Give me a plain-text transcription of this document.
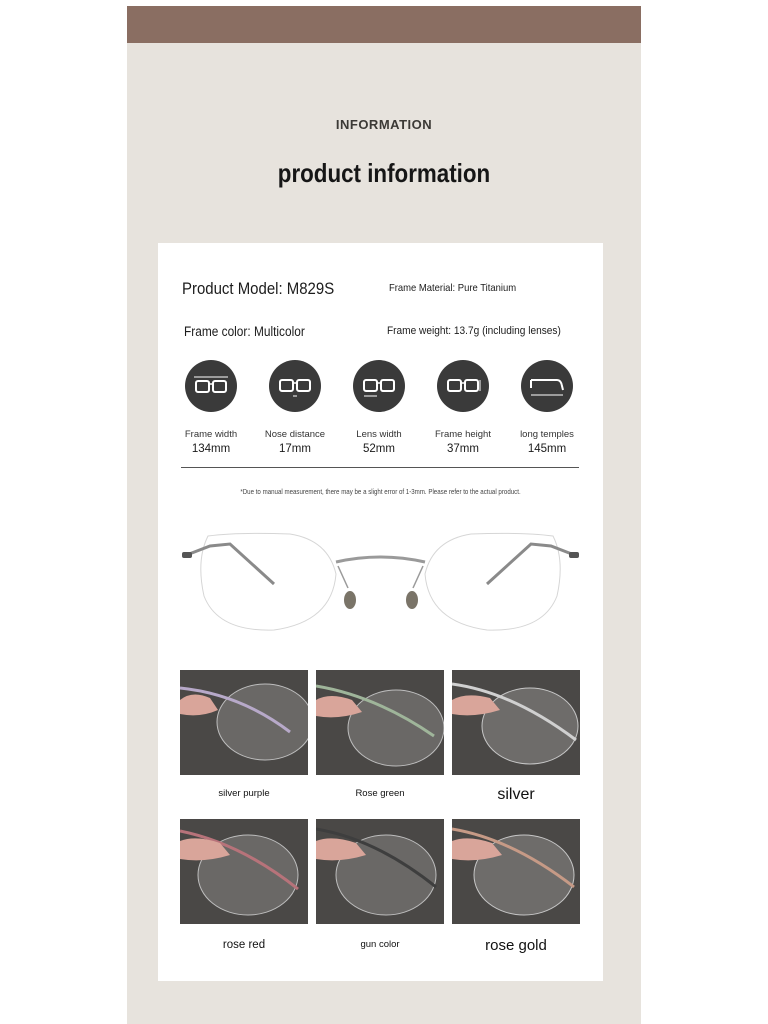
INFORMATION
product information
Product Model: M829S	Frame Material: Pure Titanium
Frame color: Multicolor	Frame weight: 13.7g (including lenses)
Frame width
134mm
Nose distance
17mm
Lens width
52mm
Frame height
37mm
long temples
145mm
*Due to manual measurement, there may be a slight error of 1-3mm. Please refer to the actual product.
silver purple	Rose green	silver
rose red	gun color	rose gold
